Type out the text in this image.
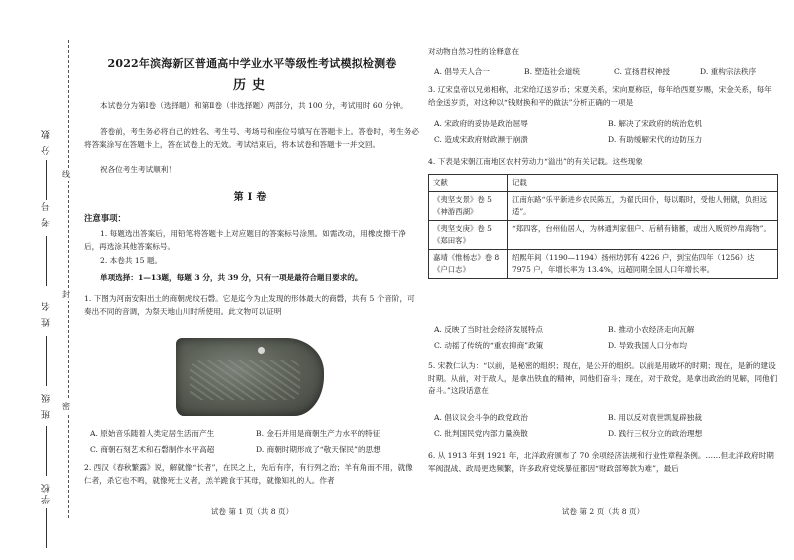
线
封
密
分 数
考 号
姓 名
班 级
学校
2022年滨海新区普通高中学业水平等级性考试模拟检测卷
历史

本试卷分为第Ⅰ卷（选择题）和第Ⅱ卷（非选择题）两部分，共 100 分，考试用时 60 分钟。

答卷前，考生务必将自己的姓名、考生号、考场号和座位号填写在答题卡上。答卷时，考生务必将答案涂写在答题卡上，答在试卷上的无效。考试结束后，将本试卷和答题卡一并交回。

祝各位考生考试顺利！

第Ⅰ卷
注意事项：

1. 每题选出答案后，用铅笔将答题卡上对应题目的答案标号涂黑。如需改动，用橡皮擦干净后，再选涂其他答案标号。

2. 本卷共 15 题。

单项选择：1—13题，每题 3 分，共 39 分，只有一项是最符合题目要求的。

1. 下图为河南安阳出土的商朝虎纹石磬。它是迄今为止发现的形体最大的商磬，共有 5 个音阶，可奏出不同的音调，为祭天地山川时所使用。此文物可以证明

A. 原始音乐随着人类定居生活而产生	B. 金石并用是商朝生产力水平的特征
C. 商朝石刻艺术和石磬制作水平高超	D. 商朝时期形成了“敬天保民”的思想

2. 西汉《春秋繁露》说，解就像“长者”，在民之上，先后有序，有行列之治；羊有角而不用，就像仁者，杀它也不鸣，就像死士义者，羔羊跪食于其母，就像知礼的人。作者

试卷 第 1 页（共 8 页）

对动物自然习性的诠释意在

A. 倡导天人合一	B. 塑造社会道统	C. 宣扬君权神授	D. 重构宗法秩序

3. 辽宋皇帝以兄弟相称，北宋给辽送岁币；宋夏关系，宋向夏称臣，每年给西夏岁赐，宋金关系，每年给金送岁贡，对这种以“钱财换和平的做法”分析正确的一项是

A. 宋政府的妥协是政治屈辱	B. 解决了宋政府的统治危机
C. 造成宋政府财政濒于崩溃	D. 有助缓解宋代的边防压力

4. 下表是宋朝江南地区农村劳动力“溢出”的有关记载。这些现象

文献	记载
《夷坚支景》卷 5《神游西湖》	江南东路“乐平新进乡农民陈五，为翟氏田仆，每以暇时，受他人佣僦，负担远适”。
《夷坚支庚》卷 5《郑田客》	“郑四客，台州仙居人，为林通判家佃户、后稍有储蓄，或出入贩贸纱帛海物”。
嘉靖《惟杨志》卷 8《户口志》	绍熙年间（1190—1194）扬州坊郭有 4226 户，到宝佑四年（1256）达 7975 户，年增长率为 13.4%，远超同期全国人口年增长率。
A. 反映了当时社会经济发展特点	B. 推动小农经济走向瓦解
C. 动摇了传统的“重农抑商”政策	D. 导致我国人口分布均

5. 宋教仁认为：“以前，是秘密的组织；现在，是公开的组织。以前是用破坏的时期；现在，是新的建设时期。从前，对于敌人，是拿出铁血的精神，同他们奋斗；现在，对于敌党，是拿出政治的见解，同他们奋斗。”这段话意在

A. 倡议议会斗争的政党政治	B. 用以反对袁世凯复辟独裁
C. 批判国民党内部力量涣散	D. 践行三权分立的政治理想

6. 从 1913 年到 1921 年，北洋政府颁布了 70 余项经济法规和行业性章程条例。……但北洋政府时期军阀混战、政局更迭频繁，许多政府党统暴征都因“财政部筹款为难”，最后

试卷 第 2 页（共 8 页）
